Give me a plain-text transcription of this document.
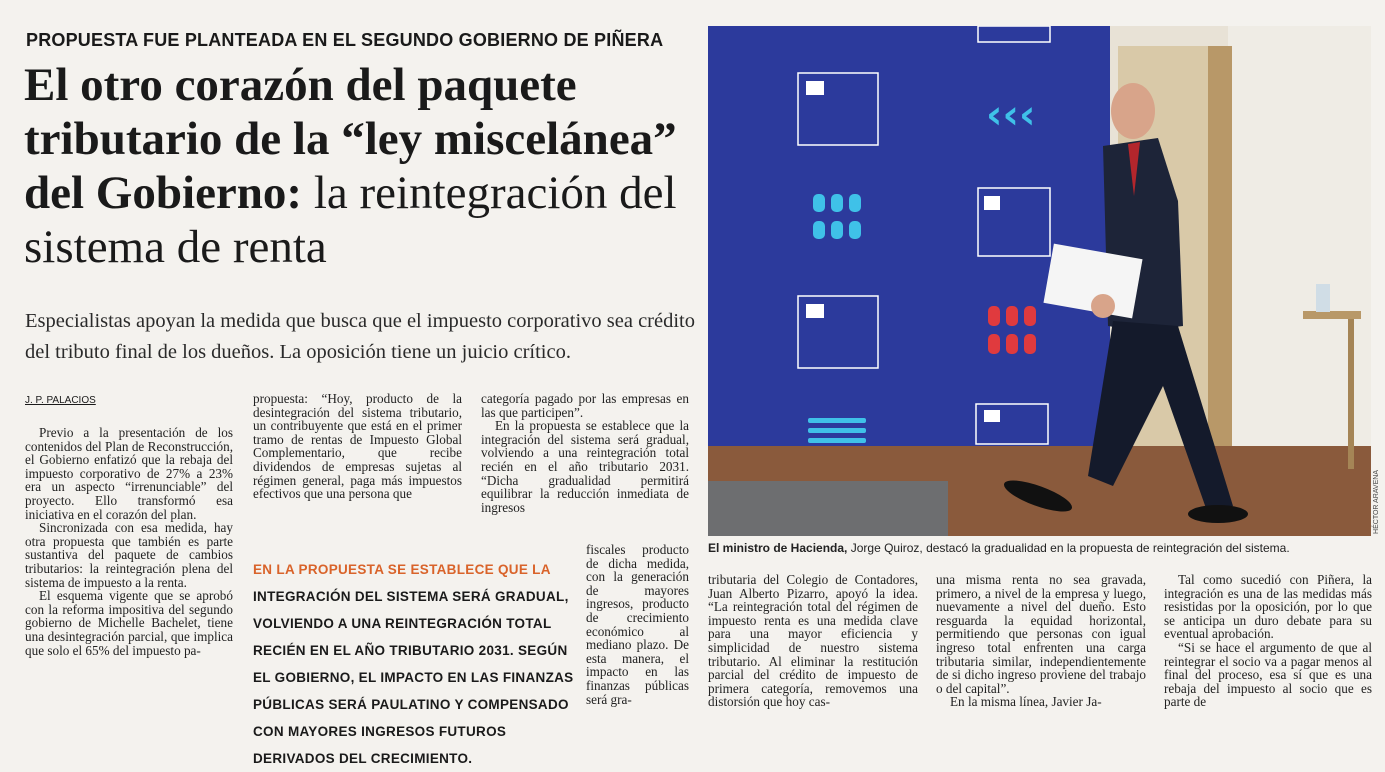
PROPUESTA FUE PLANTEADA EN EL SEGUNDO GOBIERNO DE PIÑERA
El otro corazón del paquete tributario de la “ley miscelánea” del Gobierno: la reintegración del sistema de renta
Especialistas apoyan la medida que busca que el impuesto corporativo sea crédito del tributo final de los dueños. La oposición tiene un juicio crítico.
J. P. PALACIOS

Previo a la presentación de los contenidos del Plan de Reconstrucción, el Gobierno enfatizó que la rebaja del impuesto corporativo de 27% a 23% era un aspecto “irrenunciable” del proyecto. Ello transformó esa iniciativa en el corazón del plan.

Sincronizada con esa medida, hay otra propuesta que también es parte sustantiva del paquete de cambios tributarios: la reintegración plena del sistema de impuesto a la renta.

El esquema vigente que se aprobó con la reforma impositiva del segundo gobierno de Michelle Bachelet, tiene una desintegración parcial, que implica que solo el 65% del impuesto pa-

propuesta: “Hoy, producto de la desintegración del sistema tributario, un contribuyente que está en el primer tramo de rentas de Impuesto Global Complementario, que recibe dividendos de empresas sujetas al régimen general, paga más impuestos efectivos que una persona que

categoría pagado por las empresas en las que participen”.

En la propuesta se establece que la integración del sistema será gradual, volviendo a una reintegración total recién en el año tributario 2031. “Dicha gradualidad permitirá equilibrar la reducción inmediata de ingresos

fiscales producto de dicha medida, con la generación de mayores ingresos, producto de crecimiento económico al mediano plazo. De esta manera, el impacto en las finanzas públicas será gra-

EN LA PROPUESTA SE ESTABLECE QUE LA INTEGRACIÓN DEL SISTEMA SERÁ GRADUAL, VOLVIENDO A UNA REINTEGRACIÓN TOTAL RECIÉN EN EL AÑO TRIBUTARIO 2031. SEGÚN EL GOBIERNO, EL IMPACTO EN LAS FINANZAS PÚBLICAS SERÁ PAULATINO Y COMPENSADO CON MAYORES INGRESOS FUTUROS DERIVADOS DEL CRECIMIENTO.
‹‹‹
HÉCTOR ARAVENA
El ministro de Hacienda, Jorge Quiroz, destacó la gradualidad en la propuesta de reintegración del sistema.

tributaria del Colegio de Contadores, Juan Alberto Pizarro, apoyó la idea. “La reintegración total del régimen de impuesto renta es una medida clave para una mayor eficiencia y simplicidad de nuestro sistema tributario. Al eliminar la restitución parcial del crédito de impuesto de primera categoría, removemos una distorsión que hoy cas-

una misma renta no sea gravada, primero, a nivel de la empresa y luego, nuevamente a nivel del dueño. Esto resguarda la equidad horizontal, permitiendo que personas con igual ingreso total enfrenten una carga tributaria similar, independientemente de si dicho ingreso proviene del trabajo o del capital”.

En la misma línea, Javier Ja-

Tal como sucedió con Piñera, la integración es una de las medidas más resistidas por la oposición, por lo que se anticipa un duro debate para su eventual aprobación.

“Si se hace el argumento de que al reintegrar el socio va a pagar menos al final del proceso, esa sí que es una rebaja del impuesto al socio que es parte de
